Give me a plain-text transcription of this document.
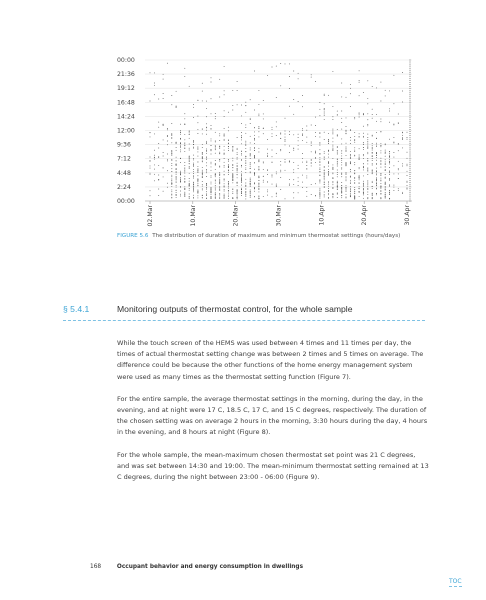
00:00
21:36
19:12
16:48
14:24
12:00
9:36
7:12
4:48
2:24
00:00
02.Mar	10.Mar	20.Mar	30.Mar	10.Apr	20.Apr	30.Apr
FIGURE 5.6 The distribution of duration of maximum and minimum thermostat settings (hours/days)
§ 5.4.1	Monitoring outputs of thermostat control, for the whole sample

While the touch screen of the HEMS was used between 4 times and 11 times per day, the times of actual thermostat setting change was between 2 times and 5 times on average. The difference could be because the other functions of the home energy management system were used as many times as the thermostat setting function (Figure 7).

For the entire sample, the average thermostat settings in the morning, during the day, in the evening, and at night were 17 C, 18.5 C, 17 C, and 15 C degrees, respectively. The duration of the chosen setting was on average 2 hours in the morning, 3:30 hours during the day, 4 hours in the evening, and 8 hours at night (Figure 8).

For the whole sample, the mean-maximum chosen thermostat set point was 21 C degrees, and was set between 14:30 and 19:00. The mean-minimum thermostat setting remained at 13 C degrees, during the night between 23:00 - 06:00 (Figure 9).

168	Occupant behavior and energy consumption in dwellings
TOC
